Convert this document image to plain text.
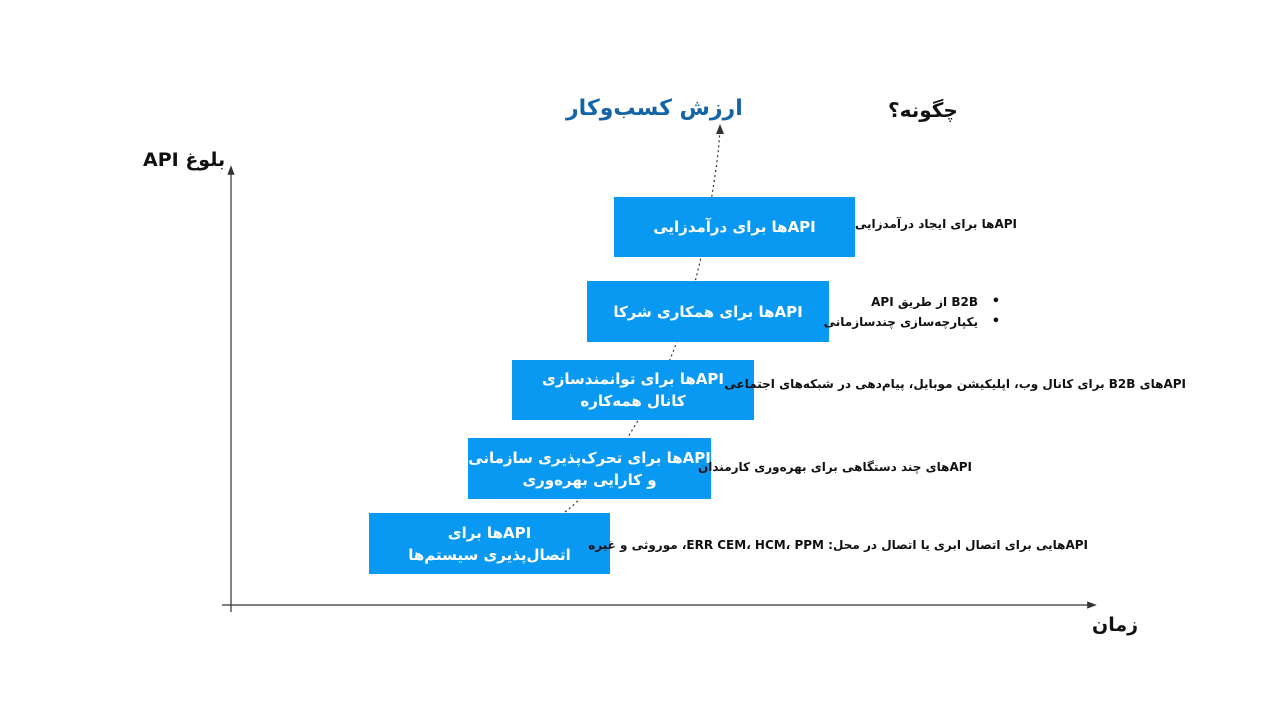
بلوغ API
زمان
ارزش کسب‌وکار	چگونه؟
APIها برای درآمدزایی
APIها برای همکاری شرکا
APIها برای توانمندسازی
کانال همه‌کاره
APIها برای تحرک‌پذیری سازمانی
و کارایی بهره‌وری
APIها برای
اتصال‌پذیری سیستم‌ها
APIها برای ایجاد درآمدزایی
B2B از طریق API •
یکپارچه‌سازی چندسازمانی •
APIهای B2B برای کانال وب، اپلیکیشن موبایل، پیام‌دهی در شبکه‌های اجتماعی
APIهای چند دستگاهی برای بهره‌وری کارمندان
APIهایی برای اتصال ابری یا اتصال در محل: ERR CEM، HCM، PPM، موروثی و غیره
